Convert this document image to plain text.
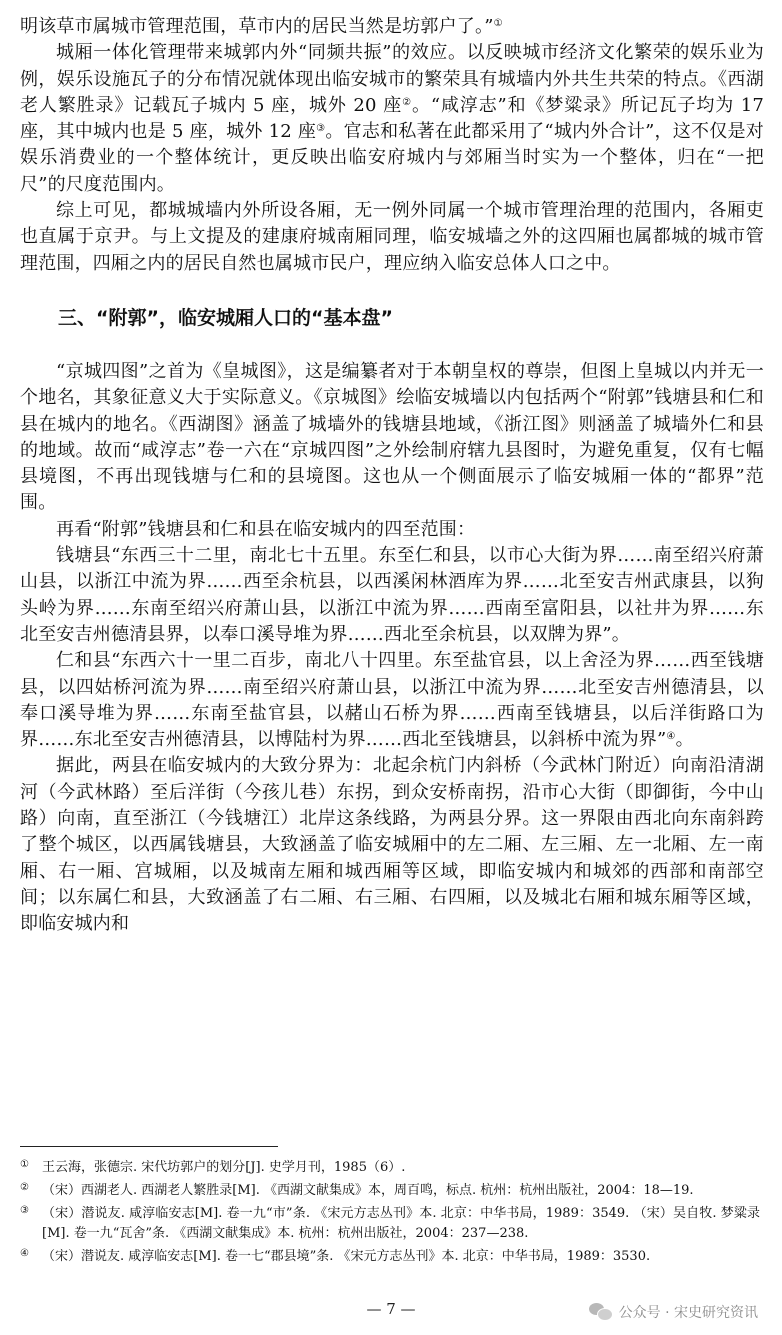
明该草市属城市管理范围，草市内的居民当然是坊郭户了。”①

城厢一体化管理带来城郭内外“同频共振”的效应。以反映城市经济文化繁荣的娱乐业为例，娱乐设施瓦子的分布情况就体现出临安城市的繁荣具有城墙内外共生共荣的特点。《西湖老人繁胜录》记载瓦子城内 5 座，城外 20 座②。“咸淳志”和《梦粱录》所记瓦子均为 17 座，其中城内也是 5 座，城外 12 座③。官志和私著在此都采用了“城内外合计”，这不仅是对娱乐消费业的一个整体统计，更反映出临安府城内与郊厢当时实为一个整体，归在“一把尺”的尺度范围内。

综上可见，都城城墙内外所设各厢，无一例外同属一个城市管理治理的范围内，各厢吏也直属于京尹。与上文提及的建康府城南厢同理，临安城墙之外的这四厢也属都城的城市管理范围，四厢之内的居民自然也属城市民户，理应纳入临安总体人口之中。

三、“附郭”，临安城厢人口的“基本盘”

“京城四图”之首为《皇城图》，这是编纂者对于本朝皇权的尊崇，但图上皇城以内并无一个地名，其象征意义大于实际意义。《京城图》绘临安城墙以内包括两个“附郭”钱塘县和仁和县在城内的地名。《西湖图》涵盖了城墙外的钱塘县地域，《浙江图》则涵盖了城墙外仁和县的地域。故而“咸淳志”卷一六在“京城四图”之外绘制府辖九县图时，为避免重复，仅有七幅县境图，不再出现钱塘与仁和的县境图。这也从一个侧面展示了临安城厢一体的“都界”范围。

再看“附郭”钱塘县和仁和县在临安城内的四至范围：

钱塘县“东西三十二里，南北七十五里。东至仁和县，以市心大街为界……南至绍兴府萧山县，以浙江中流为界……西至余杭县，以西溪闲林酒库为界……北至安吉州武康县，以狗头岭为界……东南至绍兴府萧山县，以浙江中流为界……西南至富阳县，以社井为界……东北至安吉州德清县界，以奉口溪导堆为界……西北至余杭县，以双牌为界”。

仁和县“东西六十一里二百步，南北八十四里。东至盐官县，以上舍泾为界……西至钱塘县，以四姑桥河流为界……南至绍兴府萧山县，以浙江中流为界……北至安吉州德清县，以奉口溪导堆为界……东南至盐官县，以赭山石桥为界……西南至钱塘县，以后洋街路口为界……东北至安吉州德清县，以博陆村为界……西北至钱塘县，以斜桥中流为界”④。

据此，两县在临安城内的大致分界为：北起余杭门内斜桥（今武林门附近）向南沿清湖河（今武林路）至后洋街（今孩儿巷）东拐，到众安桥南拐，沿市心大街（即御街，今中山路）向南，直至浙江（今钱塘江）北岸这条线路，为两县分界。这一界限由西北向东南斜跨了整个城区，以西属钱塘县，大致涵盖了临安城厢中的左二厢、左三厢、左一北厢、左一南厢、右一厢、宫城厢，以及城南左厢和城西厢等区域，即临安城内和城郊的西部和南部空间；以东属仁和县，大致涵盖了右二厢、右三厢、右四厢，以及城北右厢和城东厢等区域，即临安城内和

①	王云海，张德宗. 宋代坊郭户的划分[J]. 史学月刊，1985（6）.
②	（宋）西湖老人. 西湖老人繁胜录[M]. 《西湖文献集成》本，周百鸣，标点. 杭州：杭州出版社，2004：18—19.
③	（宋）潜说友. 咸淳临安志[M]. 卷一九“市”条. 《宋元方志丛刊》本. 北京：中华书局，1989：3549. （宋）吴自牧. 梦粱录[M]. 卷一九“瓦舍”条. 《西湖文献集成》本. 杭州：杭州出版社，2004：237—238.
④	（宋）潜说友. 咸淳临安志[M]. 卷一七“郡县境”条. 《宋元方志丛刊》本. 北京：中华书局，1989：3530.
— 7 —	公众号 · 宋史研究资讯
